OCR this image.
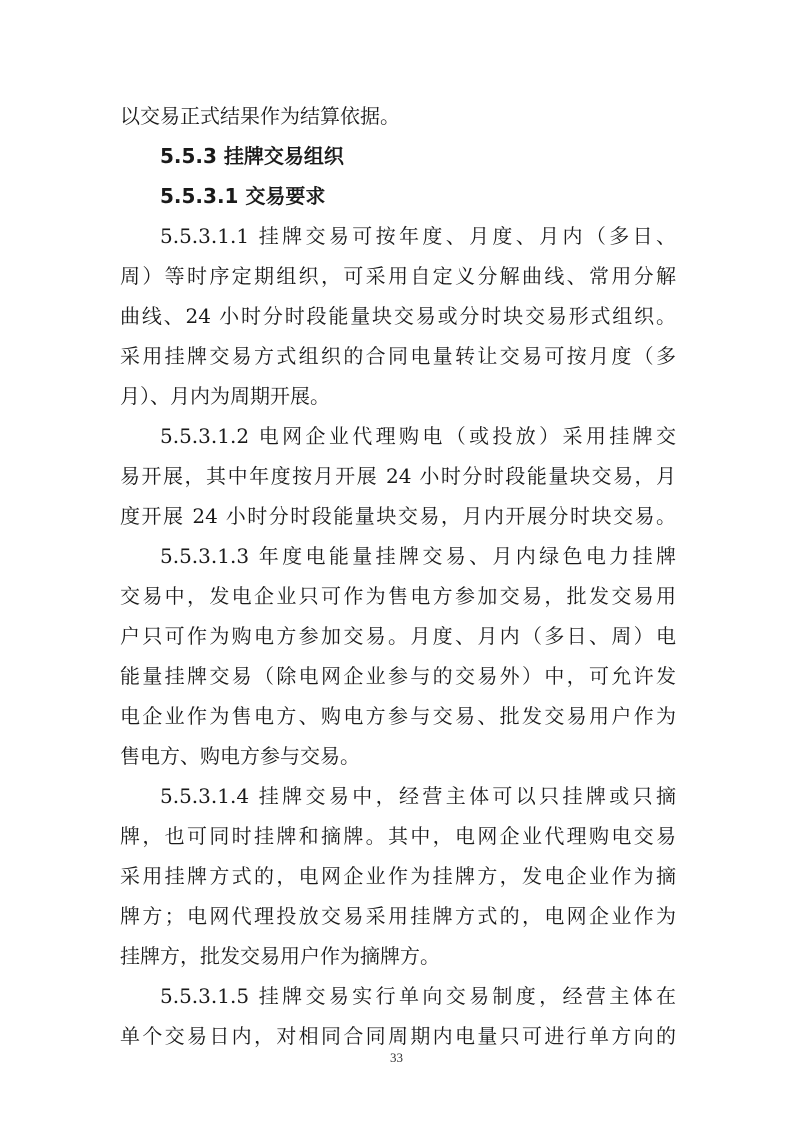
以交易正式结果作为结算依据。
5.5.3 挂牌交易组织
5.5.3.1 交易要求
5.5.3.1.1 挂牌交易可按年度、月度、月内（多日、
周）等时序定期组织，可采用自定义分解曲线、常用分解
曲线、24 小时分时段能量块交易或分时块交易形式组织。
采用挂牌交易方式组织的合同电量转让交易可按月度（多
月）、月内为周期开展。
5.5.3.1.2 电网企业代理购电（或投放）采用挂牌交
易开展，其中年度按月开展 24 小时分时段能量块交易，月
度开展 24 小时分时段能量块交易，月内开展分时块交易。
5.5.3.1.3 年度电能量挂牌交易、月内绿色电力挂牌
交易中，发电企业只可作为售电方参加交易，批发交易用
户只可作为购电方参加交易。月度、月内（多日、周）电
能量挂牌交易（除电网企业参与的交易外）中，可允许发
电企业作为售电方、购电方参与交易、批发交易用户作为
售电方、购电方参与交易。
5.5.3.1.4 挂牌交易中，经营主体可以只挂牌或只摘
牌，也可同时挂牌和摘牌。其中，电网企业代理购电交易
采用挂牌方式的，电网企业作为挂牌方，发电企业作为摘
牌方；电网代理投放交易采用挂牌方式的，电网企业作为
挂牌方，批发交易用户作为摘牌方。
5.5.3.1.5 挂牌交易实行单向交易制度，经营主体在
单个交易日内，对相同合同周期内电量只可进行单方向的
33
